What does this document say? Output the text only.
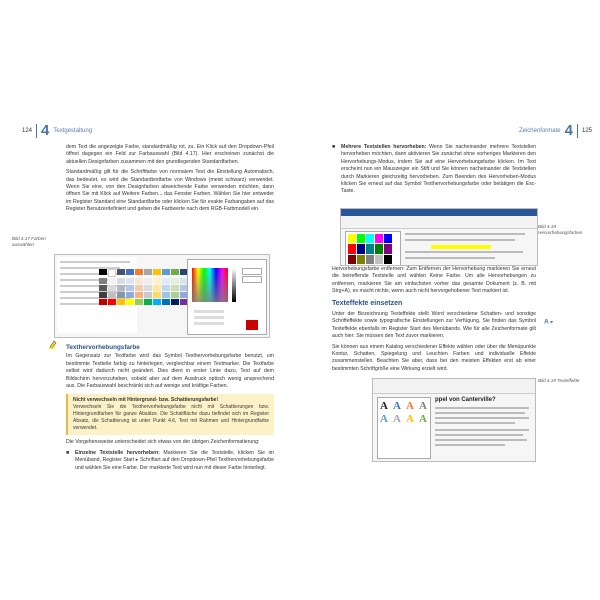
124 4 Textgestaltung

dem Text die angezeigte Farbe, standardmäßig rot, zu. Ein Klick auf den Dropdown-Pfeil öffnet dagegen ein Feld zur Farbauswahl (Bild 4.17). Hier erscheinen zunächst die aktuellen Designfarben zusammen mit den grundlegenden Standardfarben.

Standardmäßig gilt für die Schriftfarbe von normalem Text die Einstellung Automatisch, das bedeutet, es wird die Standardtextfarbe von Windows (meist schwarz) verwendet. Wenn Sie eine, von den Designfarben abweichende Farbe verwenden möchten, dann öffnen Sie mit Klick auf Weitere Farben... das Fenster Farben. Wählen Sie hier entweder im Register Standard eine Standardfarbe oder klicken Sie für exakte Farbangaben auf das Register Benutzerdefiniert und geben die Farbwerte nach dem RGB-Farbmodell ein.

Bild 4.17 Farben auswählen
Texthervorhebungsfarbe

Im Gegensatz zur Textfarbe wird das Symbol Texthervorhebungsfarbe benutzt, um bestimmte Textteile farbig zu hinterlegen, vergleichbar einem Textmarker. Die Textfarbe selbst wird dadurch nicht geändert. Dies dient in erster Linie dazu, Text auf dem Bildschirm hervorzuheben, sobald aber auf dem Ausdruck optisch wenig ansprechend aus. Die Farbauswahl beschränkt sich auf wenige und kräftige Farben.

Nicht verwechseln mit Hintergrund- bzw. Schattierungsfarbe!
Verwechseln Sie die Texthervorhebungsfarbe nicht mit Schattierungen bzw. Hintergrundfarben für ganze Absätze. Die Schaltfläche dazu befindet sich im Register Absatz, die Schattierung ist unter Punkt 4.6, Text mit Rahmen und Hintergrundfarbe verwendet.

Die Vorgehensweise unterscheidet sich etwas von der übrigen Zeichenformatierung:

■	Einzelne Textstelle hervorheben: Markieren Sie die Textstelle, klicken Sie im Menüband, Register Start ▸ Schriftart auf den Dropdown-Pfeil Texthervorhebungsfarbe und wählen Sie eine Farbe. Der markierte Text wird nun mit dieser Farbe hinterlegt.
Zeichenformate 4 125
■	Mehrere Textstellen hervorheben: Wenn Sie nacheinander mehrere Textstellen hervorheben möchten, dann aktivieren Sie zunächst ohne vorheriges Markieren den Hervorhebungs-Modus, indem Sie auf eine Hervorhebungsfarbe klicken. Im Text erscheint nun ein Mauszeiger ein Stift und Sie können nacheinander die Textstellen durch Markieren gleichzeitig hervorheben. Zum Beenden des Hervorheben-Modus klicken Sie erneut auf das Symbol Texthervorhebungsfarbe oder betätigen die Esc-Taste.
Bild 4.18 Hervorhebungsfarben

Hervorhebungsfarbe entfernen: Zum Entfernen der Hervorhebung markieren Sie erneut die betreffende Textstelle und wählen Keine Farbe. Um alle Hervorhebungen zu entfernen, markieren Sie am einfachsten vorher das gesamte Dokument (z. B. mit Strg+A), es macht nichts, wenn auch nicht hervorgehobener Text markiert ist.

Texteffekte einsetzen

Unter der Bezeichnung Texteffekte stellt Word verschiedene Schatten- und sonstige Schrifteffekte sowie typografische Einstellungen zur Verfügung. Sie finden das Symbol Texteffekte ebenfalls im Register Start des Menübands. Wie für alle Zeichenformate gilt auch hier: Sie müssen den Text zuvor markieren.

Sie können aus einem Katalog verschiedener Effekte wählen oder über die Menüpunkte Kontur, Schatten, Spiegelung und Leuchten Farben und individuelle Effekte zusammenstellen. Beachten Sie aber, dass bei den meisten Effekten erst ab einer bestimmten Schriftgröße eine Wirkung erzielt wird.

A
Bild 4.19 Texteffekte
A A A A
A A A A
ppel von Canterville?
